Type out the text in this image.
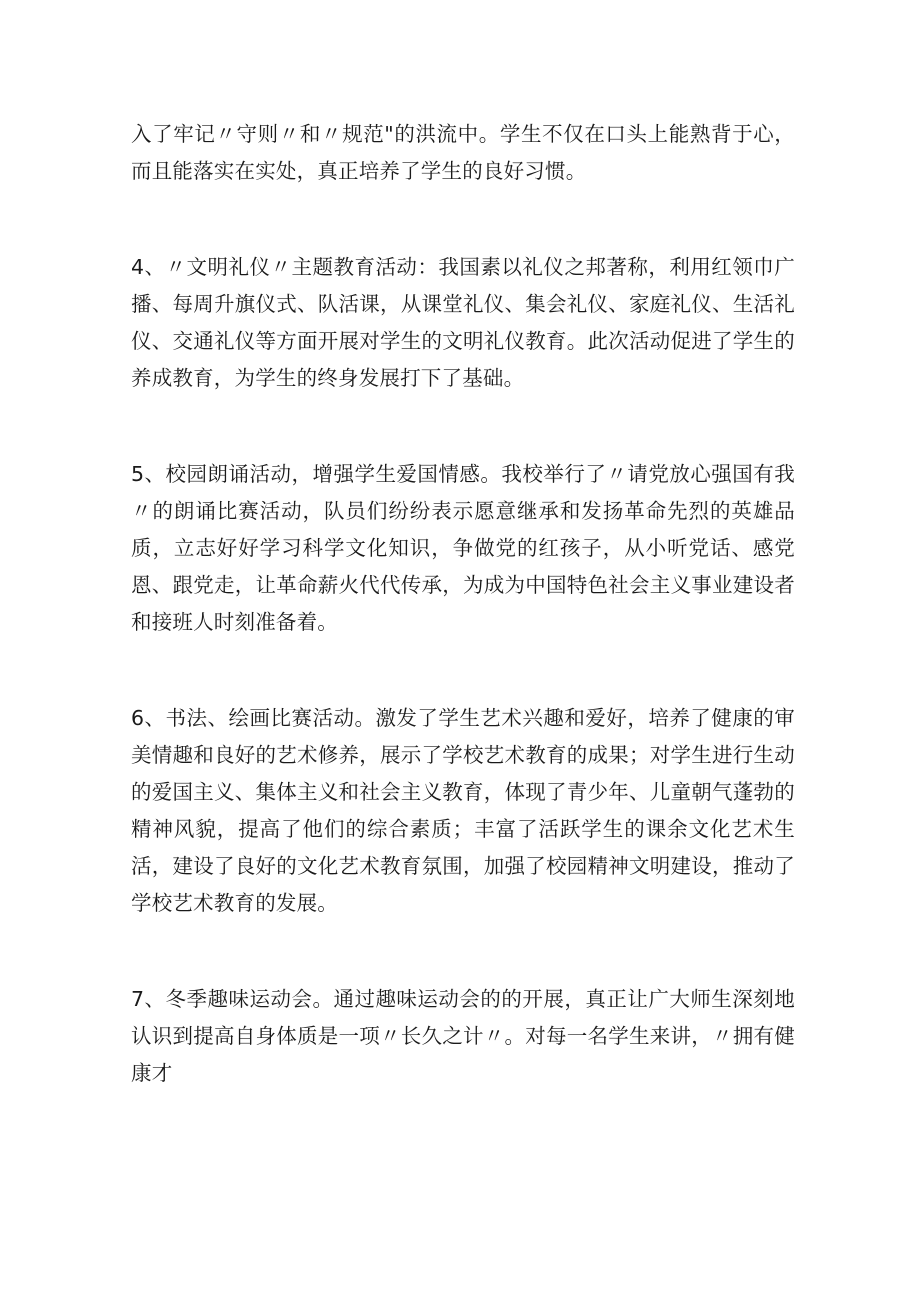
入了牢记〃守则〃和〃规范"的洪流中。学生不仅在口头上能熟背于心，而且能落实在实处，真正培养了学生的良好习惯。

4、〃文明礼仪〃主题教育活动：我国素以礼仪之邦著称，利用红领巾广播、每周升旗仪式、队活课，从课堂礼仪、集会礼仪、家庭礼仪、生活礼仪、交通礼仪等方面开展对学生的文明礼仪教育。此次活动促进了学生的养成教育，为学生的终身发展打下了基础。

5、校园朗诵活动，增强学生爱国情感。我校举行了〃请党放心强国有我〃的朗诵比赛活动，队员们纷纷表示愿意继承和发扬革命先烈的英雄品质，立志好好学习科学文化知识，争做党的红孩子，从小听党话、感党恩、跟党走，让革命薪火代代传承，为成为中国特色社会主义事业建设者和接班人时刻准备着。

6、书法、绘画比赛活动。激发了学生艺术兴趣和爱好，培养了健康的审美情趣和良好的艺术修养，展示了学校艺术教育的成果；对学生进行生动的爱国主义、集体主义和社会主义教育，体现了青少年、儿童朝气蓬勃的精神风貌，提高了他们的综合素质；丰富了活跃学生的课余文化艺术生活，建设了良好的文化艺术教育氛围，加强了校园精神文明建设，推动了学校艺术教育的发展。

7、冬季趣味运动会。通过趣味运动会的的开展，真正让广大师生深刻地认识到提高自身体质是一项〃长久之计〃。对每一名学生来讲，〃拥有健康才
